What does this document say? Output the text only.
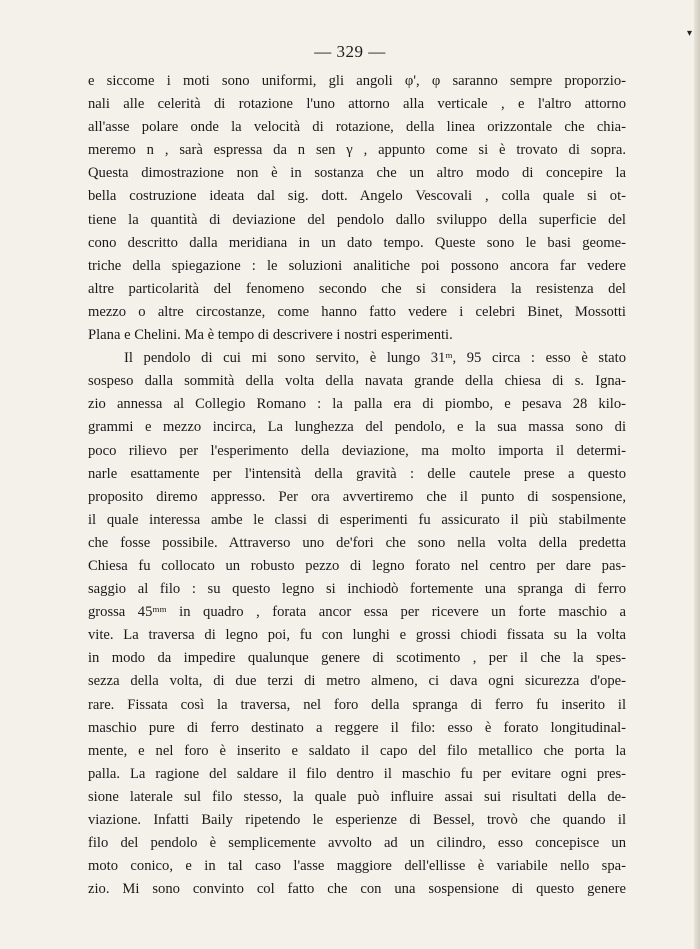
▾
— 329 —
e siccome i moti sono uniformi, gli angoli φ', φ saranno sempre proporzio-
nali alle celerità di rotazione l'uno attorno alla verticale , e l'altro attorno
all'asse polare onde la velocità di rotazione, della linea orizzontale che chia-
meremo n , sarà espressa da n sen γ , appunto come si è trovato di sopra.
Questa dimostrazione non è in sostanza che un altro modo di concepire la
bella costruzione ideata dal sig. dott. Angelo Vescovali , colla quale si ot-
tiene la quantità di deviazione del pendolo dallo sviluppo della superficie del
cono descritto dalla meridiana in un dato tempo. Queste sono le basi geome-
triche della spiegazione : le soluzioni analitiche poi possono ancora far vedere
altre particolarità del fenomeno secondo che si considera la resistenza del
mezzo o altre circostanze, come hanno fatto vedere i celebri Binet, Mossotti
Plana e Chelini. Ma è tempo di descrivere i nostri esperimenti.
Il pendolo di cui mi sono servito, è lungo 31ᵐ, 95 circa : esso è stato
sospeso dalla sommità della volta della navata grande della chiesa di s. Igna-
zio annessa al Collegio Romano : la palla era di piombo, e pesava 28 kilo-
grammi e mezzo incirca, La lunghezza del pendolo, e la sua massa sono di
poco rilievo per l'esperimento della deviazione, ma molto importa il determi-
narle esattamente per l'intensità della gravità : delle cautele prese a questo
proposito diremo appresso. Per ora avvertiremo che il punto di sospensione,
il quale interessa ambe le classi di esperimenti fu assicurato il più stabilmente
che fosse possibile. Attraverso uno de'fori che sono nella volta della predetta
Chiesa fu collocato un robusto pezzo di legno forato nel centro per dare pas-
saggio al filo : su questo legno si inchiodò fortemente una spranga di ferro
grossa 45ᵐᵐ in quadro , forata ancor essa per ricevere un forte maschio a
vite. La traversa di legno poi, fu con lunghi e grossi chiodi fissata su la volta
in modo da impedire qualunque genere di scotimento , per il che la spes-
sezza della volta, di due terzi di metro almeno, ci dava ogni sicurezza d'ope-
rare. Fissata così la traversa, nel foro della spranga di ferro fu inserito il
maschio pure di ferro destinato a reggere il filo: esso è forato longitudinal-
mente, e nel foro è inserito e saldato il capo del filo metallico che porta la
palla. La ragione del saldare il filo dentro il maschio fu per evitare ogni pres-
sione laterale sul filo stesso, la quale può influire assai sui risultati della de-
viazione. Infatti Baily ripetendo le esperienze di Bessel, trovò che quando il
filo del pendolo è semplicemente avvolto ad un cilindro, esso concepisce un
moto conico, e in tal caso l'asse maggiore dell'ellisse è variabile nello spa-
zio. Mi sono convinto col fatto che con una sospensione di questo genere
